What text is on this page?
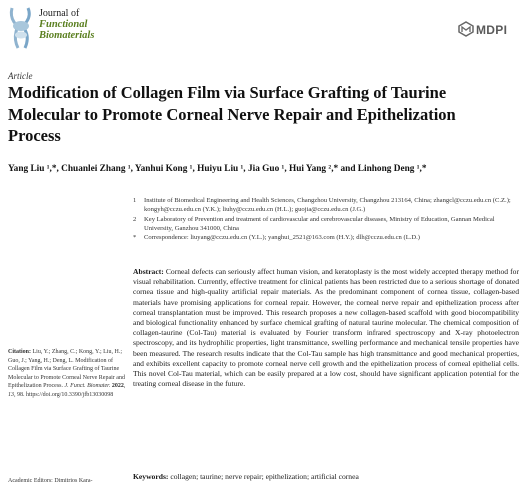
Journal of
Functional
Biomaterials	MDPI
Article
Modification of Collagen Film via Surface Grafting of Taurine Molecular to Promote Corneal Nerve Repair and Epithelization Process
Yang Liu ¹,*, Chuanlei Zhang ¹, Yanhui Kong ¹, Huiyu Liu ¹, Jia Guo ¹, Hui Yang ²,* and Linhong Deng ¹,*
1 Institute of Biomedical Engineering and Health Sciences, Changzhou University, Changzhou 213164, China; zhangcl@cczu.edu.cn (C.Z.); kongyh@cczu.edu.cn (Y.K.); liuhy@cczu.edu.cn (H.L.); guojia@cczu.edu.cn (J.G.)
2 Key Laboratory of Prevention and treatment of cardiovascular and cerebrovascular diseases, Ministry of Education, Gannan Medical University, Ganzhou 341000, China
* Correspondence: liuyang@cczu.edu.cn (Y.L.); yanghui_2521@163.com (H.Y.); dlh@cczu.edu.cn (L.D.)
Abstract: Corneal defects can seriously affect human vision, and keratoplasty is the most widely accepted therapy method for visual rehabilitation. Currently, effective treatment for clinical patients has been restricted due to a serious shortage of donated cornea tissue and high-quality artificial repair materials. As the predominant component of cornea tissue, collagen-based materials have promising applications for corneal repair. However, the corneal nerve repair and epithelization process after corneal transplantation must be improved. This research proposes a new collagen-based scaffold with good biocompatibility and biological functionality enhanced by surface chemical grafting of natural taurine molecular. The chemical composition of collagen-taurine (Col-Tau) material is evaluated by Fourier transform infrared spectroscopy and X-ray photoelectron spectroscopy, and its hydrophilic properties, light transmittance, swelling performance and mechanical tensile properties have been measured. The research results indicate that the Col-Tau sample has high transmittance and good mechanical properties, and exhibits excellent capacity to promote corneal nerve cell growth and the epithelization process of corneal epithelial cells. This novel Col-Tau material, which can be easily prepared at a low cost, should have significant application potential for the treating corneal disease in the future.
Keywords: collagen; taurine; nerve repair; epithelization; artificial cornea
Citation: Liu, Y.; Zhang, C.; Kong, Y.; Liu, H.; Guo, J.; Yang, H.; Deng, L. Modification of Collagen Film via Surface Grafting of Taurine Molecular to Promote Corneal Nerve Repair and Epithelization Process. J. Funct. Biomater. 2022, 13, 98. https://doi.org/10.3390/jfb13030098
Academic Editors: Dimitrios Kara-
